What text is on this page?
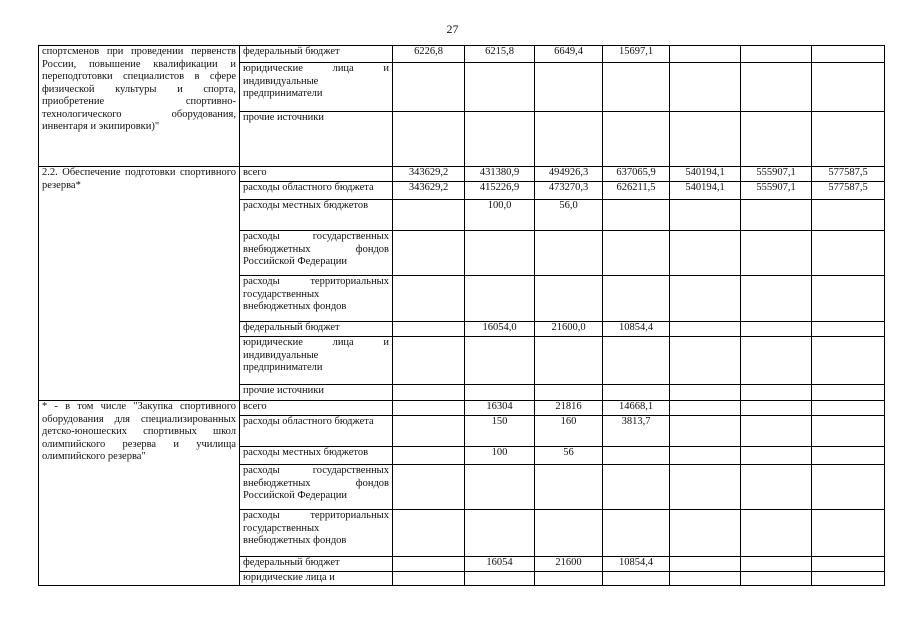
27
спортсменов при проведении первенств России, повышение квалификации и переподготовки специалистов в сфере физической культуры и спорта, приобретение спортивно-технологического оборудования, инвентаря и экипировки)"	федеральный бюджет	6226,8	6215,8	6649,4	15697,1			
	юридические лица и индивидуальные предприниматели							
	прочие источники							
2.2. Обеспечение подготовки спортивного резерва*	всего	343629,2	431380,9	494926,3	637065,9	540194,1	555907,1	577587,5
	расходы областного бюджета	343629,2	415226,9	473270,3	626211,5	540194,1	555907,1	577587,5
	расходы местных бюджетов		100,0	56,0				
	расходы государственных внебюджетных фондов Российской Федерации							
	расходы территориальных государственных внебюджетных фондов							
	федеральный бюджет		16054,0	21600,0	10854,4			
	юридические лица и индивидуальные предприниматели							
	прочие источники							
* - в том числе "Закупка спортивного оборудования для специализированных детско-юношеских спортивных школ олимпийского резерва и училища олимпийского резерва"	всего		16304	21816	14668,1			
	расходы областного бюджета		150	160	3813,7			
	расходы местных бюджетов		100	56				
	расходы государственных внебюджетных фондов Российской Федерации							
	расходы территориальных государственных внебюджетных фондов							
	федеральный бюджет		16054	21600	10854,4			
	юридические лица и							
